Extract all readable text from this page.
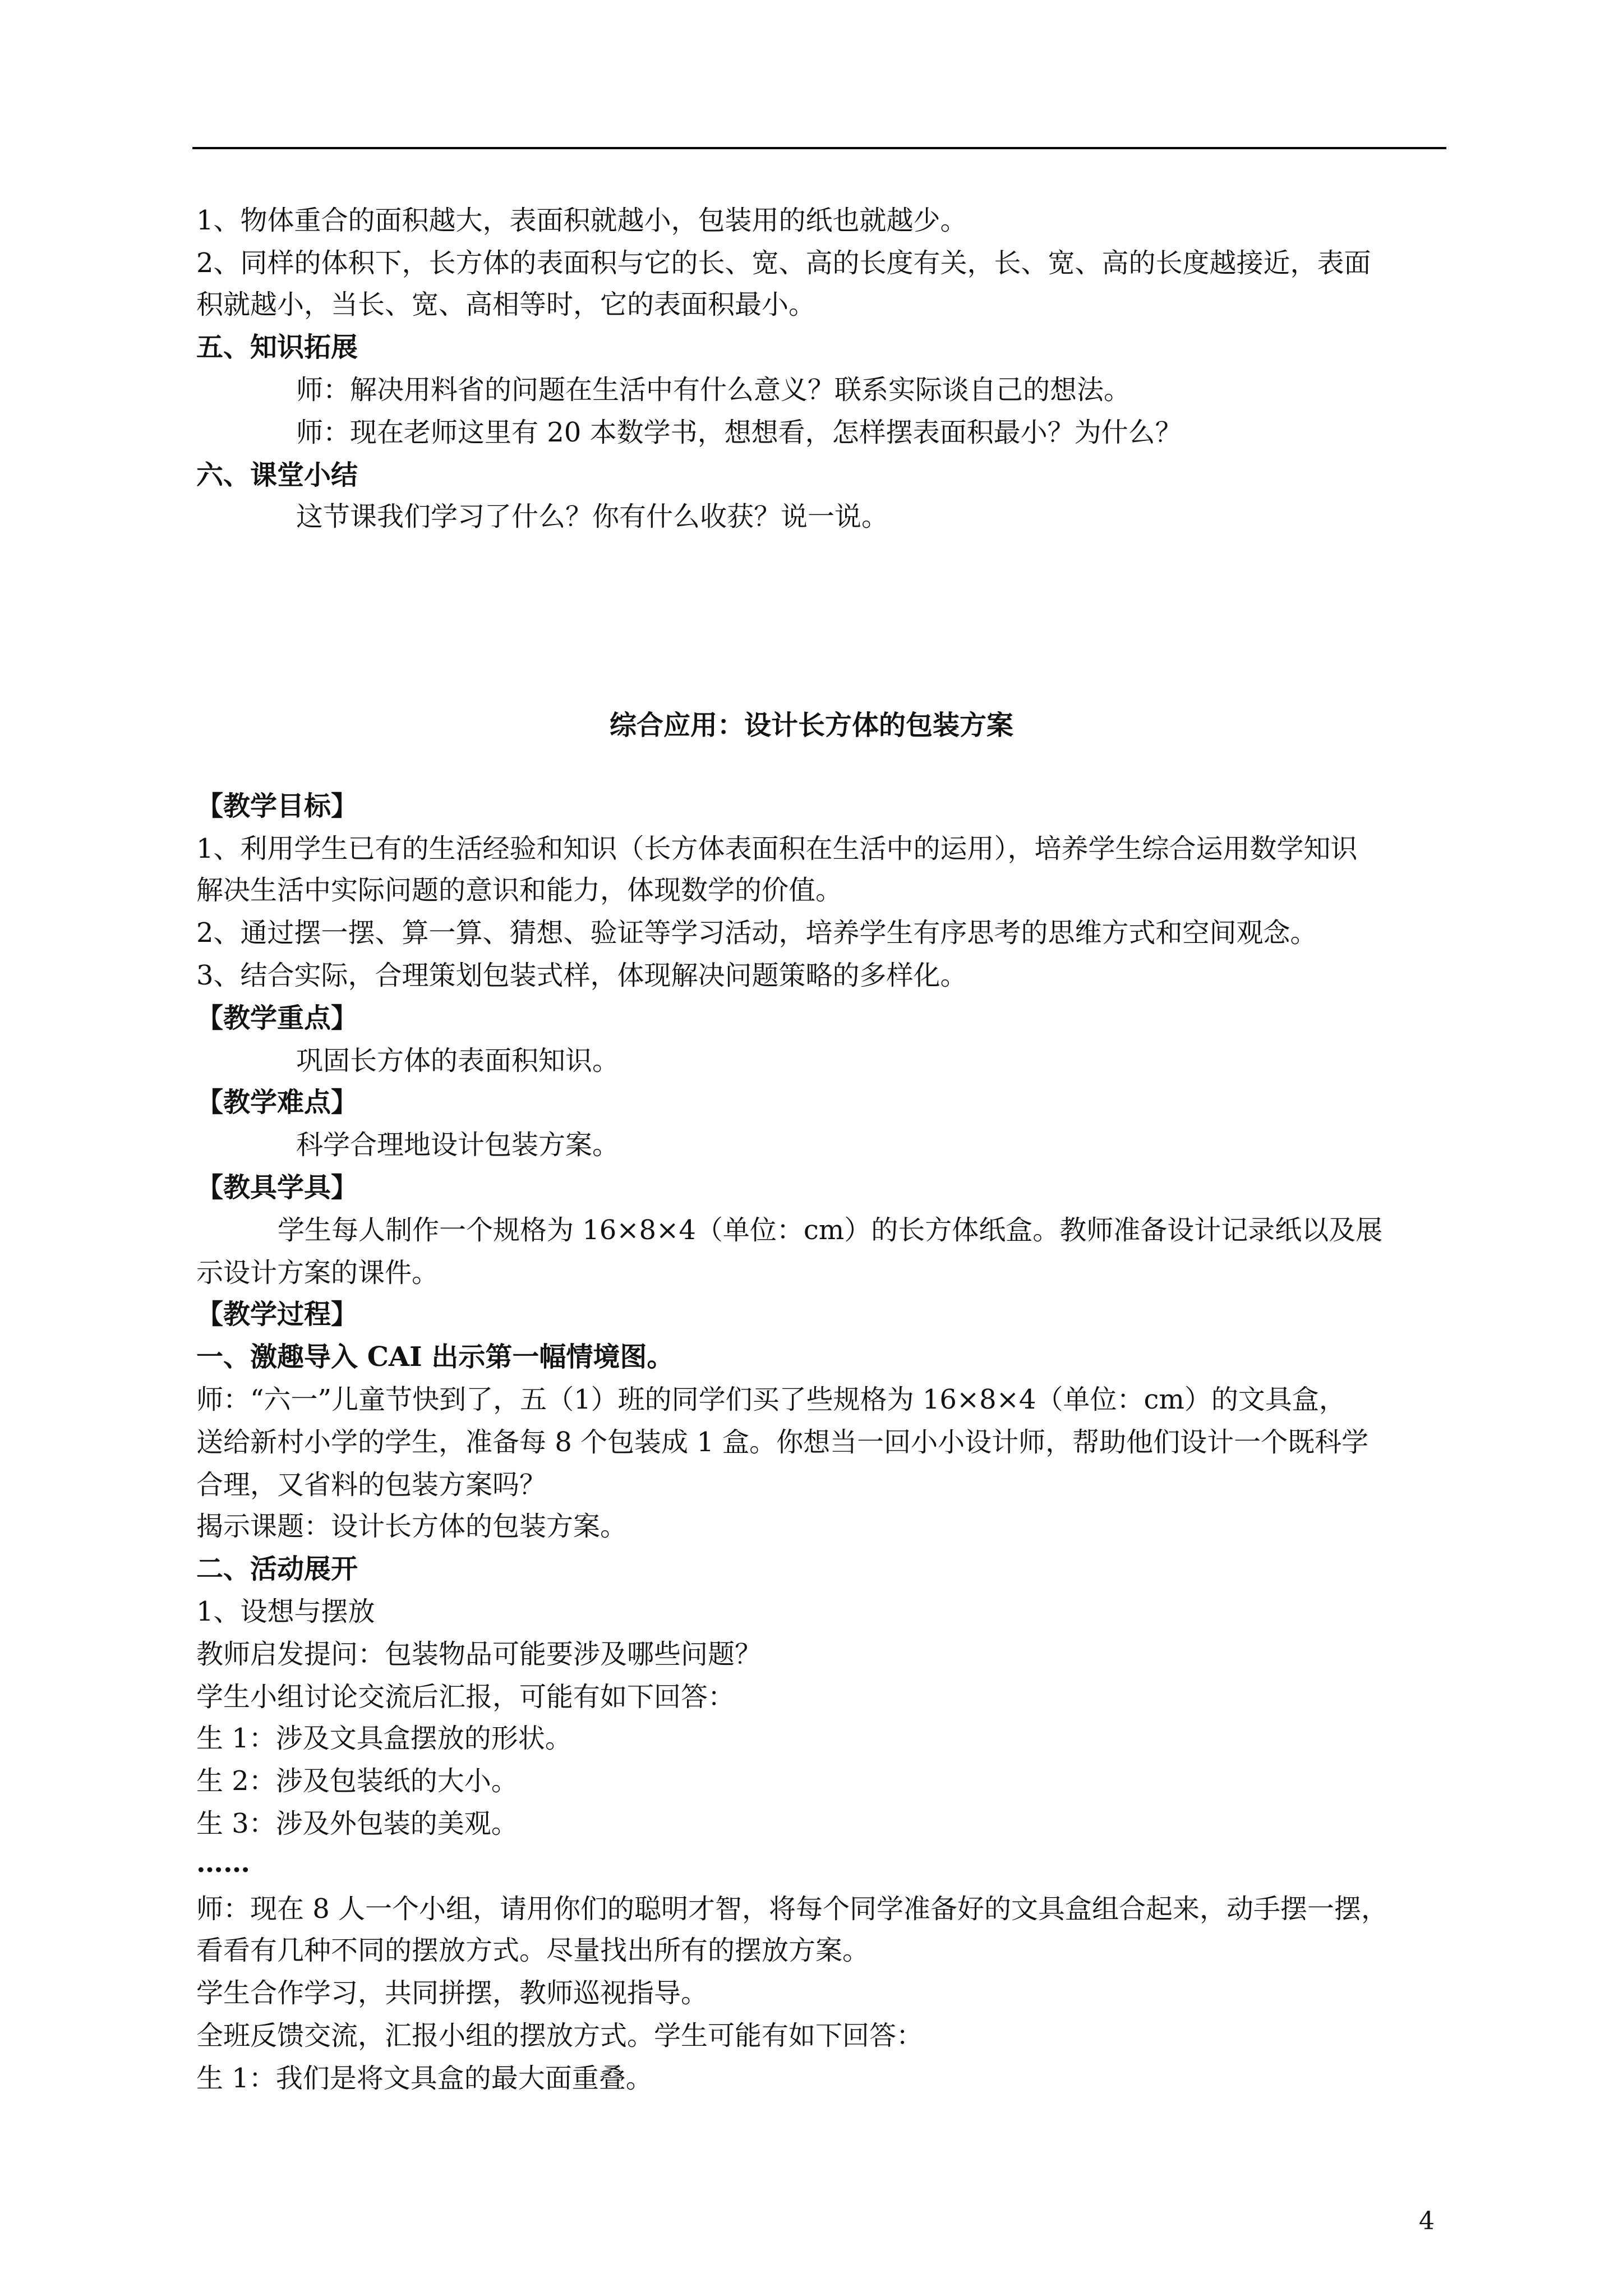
1、物体重合的面积越大，表面积就越小，包装用的纸也就越少。
2、同样的体积下，长方体的表面积与它的长、宽、高的长度有关，长、宽、高的长度越接近，表面
积就越小，当长、宽、高相等时，它的表面积最小。
五、知识拓展
师：解决用料省的问题在生活中有什么意义？联系实际谈自己的想法。
师：现在老师这里有 20 本数学书，想想看，怎样摆表面积最小？为什么？
六、课堂小结
这节课我们学习了什么？你有什么收获？说一说。
综合应用：设计长方体的包装方案
【教学目标】
1、利用学生已有的生活经验和知识（长方体表面积在生活中的运用），培养学生综合运用数学知识
解决生活中实际问题的意识和能力，体现数学的价值。
2、通过摆一摆、算一算、猜想、验证等学习活动，培养学生有序思考的思维方式和空间观念。
3、结合实际，合理策划包装式样，体现解决问题策略的多样化。
【教学重点】
巩固长方体的表面积知识。
【教学难点】
科学合理地设计包装方案。
【教具学具】
学生每人制作一个规格为 16×8×4（单位：cm）的长方体纸盒。教师准备设计记录纸以及展
示设计方案的课件。
【教学过程】
一、激趣导入 CAI 出示第一幅情境图。
师：“六一”儿童节快到了，五（1）班的同学们买了些规格为 16×8×4（单位：cm）的文具盒，
送给新村小学的学生，准备每 8 个包装成 1 盒。你想当一回小小设计师，帮助他们设计一个既科学
合理，又省料的包装方案吗？
揭示课题：设计长方体的包装方案。
二、活动展开
1、设想与摆放
教师启发提问：包装物品可能要涉及哪些问题？
学生小组讨论交流后汇报，可能有如下回答：
生 1：涉及文具盒摆放的形状。
生 2：涉及包装纸的大小。
生 3：涉及外包装的美观。
……
师：现在 8 人一个小组，请用你们的聪明才智，将每个同学准备好的文具盒组合起来，动手摆一摆，
看看有几种不同的摆放方式。尽量找出所有的摆放方案。
学生合作学习，共同拼摆，教师巡视指导。
全班反馈交流，汇报小组的摆放方式。学生可能有如下回答：
生 1：我们是将文具盒的最大面重叠。
4
